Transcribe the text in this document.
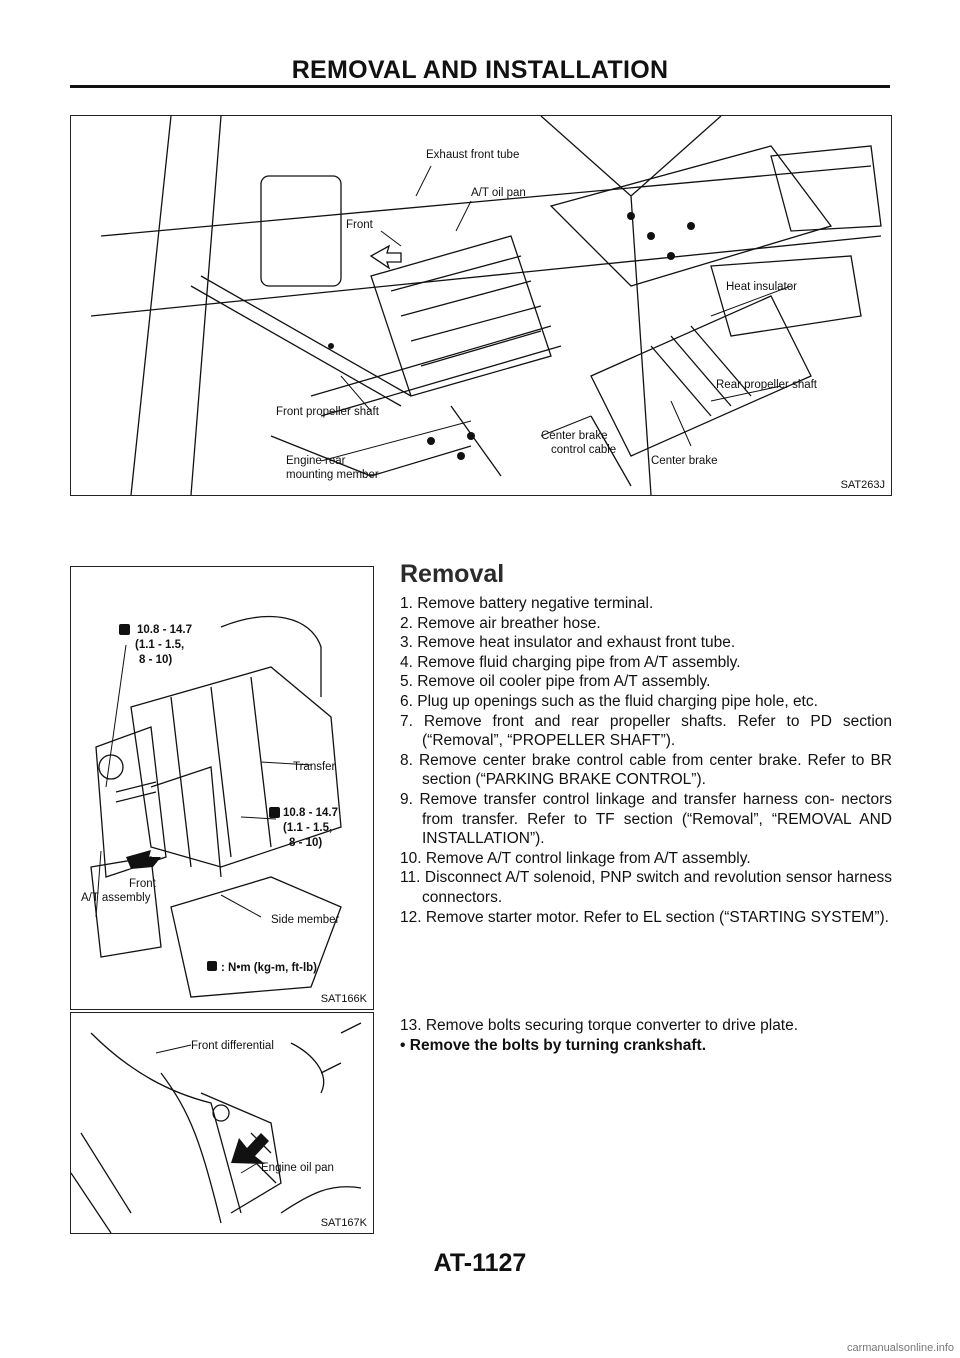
REMOVAL AND INSTALLATION
Exhaust front tube
A/T oil pan
Front
Heat insulator
Rear propeller shaft
Front propeller shaft
Engine rear
mounting member
Center brake
control cable
Center brake
SAT263J
10.8 - 14.7
(1.1 - 1.5,
8 - 10)
10.8 - 14.7
(1.1 - 1.5,
8 - 10)
Transfer
Front
A/T assembly
Side member
: N•m (kg-m, ft-lb)
SAT166K
Front differential
Engine oil pan
SAT167K
Removal
1. Remove battery negative terminal.
2. Remove air breather hose.
3. Remove heat insulator and exhaust front tube.
4. Remove fluid charging pipe from A/T assembly.
5. Remove oil cooler pipe from A/T assembly.
6. Plug up openings such as the fluid charging pipe hole, etc.
7. Remove front and rear propeller shafts. Refer to PD section (“Removal”, “PROPELLER SHAFT”).
8. Remove center brake control cable from center brake. Refer to BR section (“PARKING BRAKE CONTROL”).
9. Remove transfer control linkage and transfer harness con- nectors from transfer. Refer to TF section (“Removal”, “REMOVAL AND INSTALLATION”).
10. Remove A/T control linkage from A/T assembly.
11. Disconnect A/T solenoid, PNP switch and revolution sensor harness connectors.
12. Remove starter motor. Refer to EL section (“STARTING SYSTEM”).
13. Remove bolts securing torque converter to drive plate.
• Remove the bolts by turning crankshaft.
AT-1127
carmanualsonline.info
